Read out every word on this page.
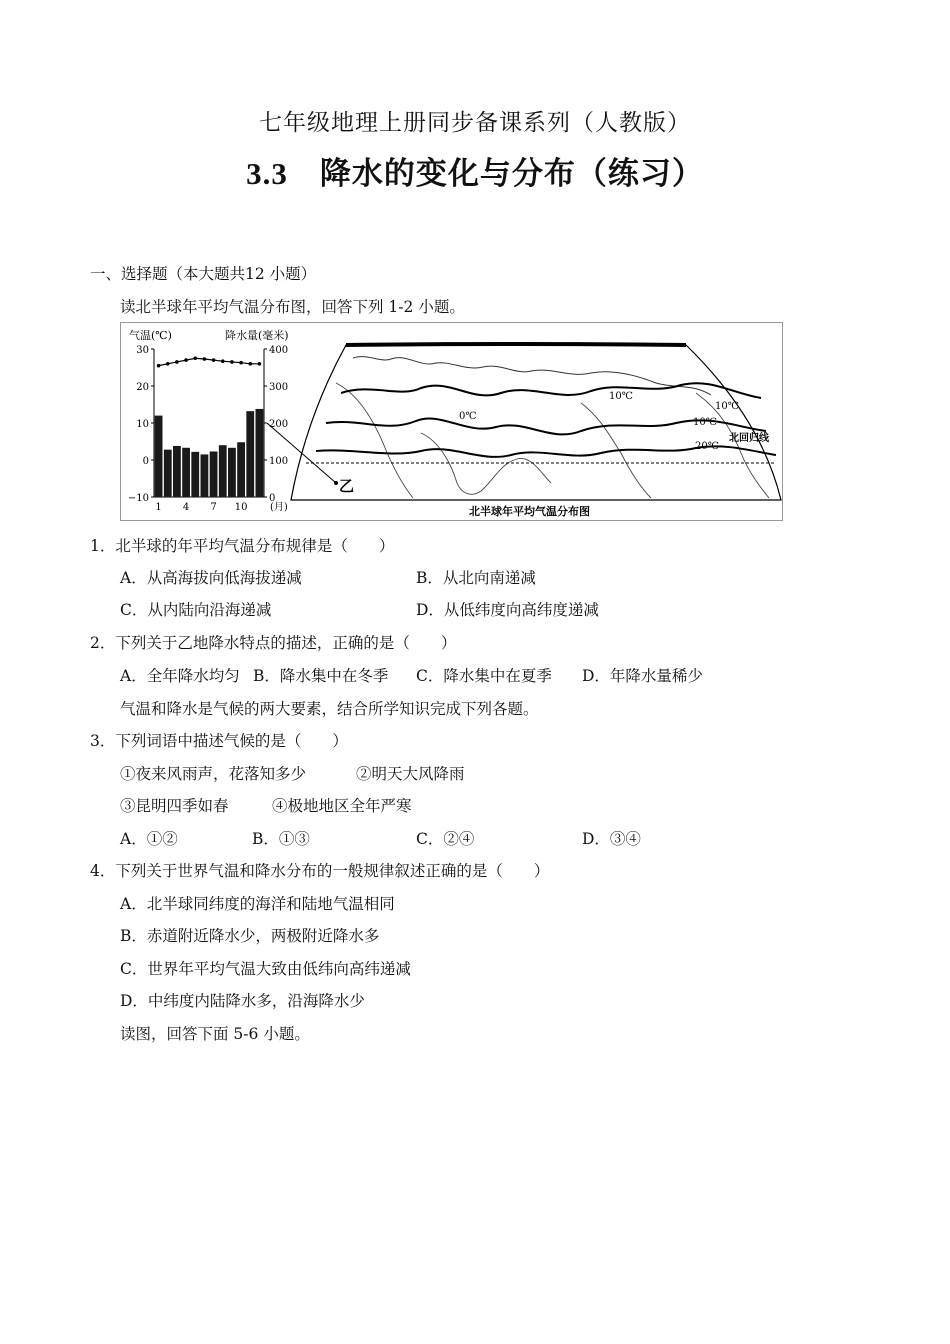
七年级地理上册同步备课系列（人教版）
3.3 降水的变化与分布（练习）
一、选择题（本大题共12 小题）
读北半球年平均气温分布图，回答下列 1-2 小题。
气温(℃)	降水量(毫米)
30
20
10
0
−10
400
300
200
100
0
1 4 7 10 (月)
0℃
10℃
10℃
10℃
20℃
北回归线
乙
北半球年平均气温分布图
1．北半球的年平均气温分布规律是（　　）
A．从高海拔向低海拔递减	B．从北向南递减
C．从内陆向沿海递减	D．从低纬度向高纬度递减
2．下列关于乙地降水特点的描述，正确的是（　　）
A．全年降水均匀 B．降水集中在冬季 C．降水集中在夏季 D．年降水量稀少
气温和降水是气候的两大要素，结合所学知识完成下列各题。
3．下列词语中描述气候的是（　　）
①夜来风雨声，花落知多少	②明天大风降雨
③昆明四季如春	④极地地区全年严寒
A．①②	B．①③	C．②④	D．③④
4．下列关于世界气温和降水分布的一般规律叙述正确的是（　　）
A．北半球同纬度的海洋和陆地气温相同
B．赤道附近降水少，两极附近降水多
C．世界年平均气温大致由低纬向高纬递减
D．中纬度内陆降水多，沿海降水少
读图，回答下面 5-6 小题。
